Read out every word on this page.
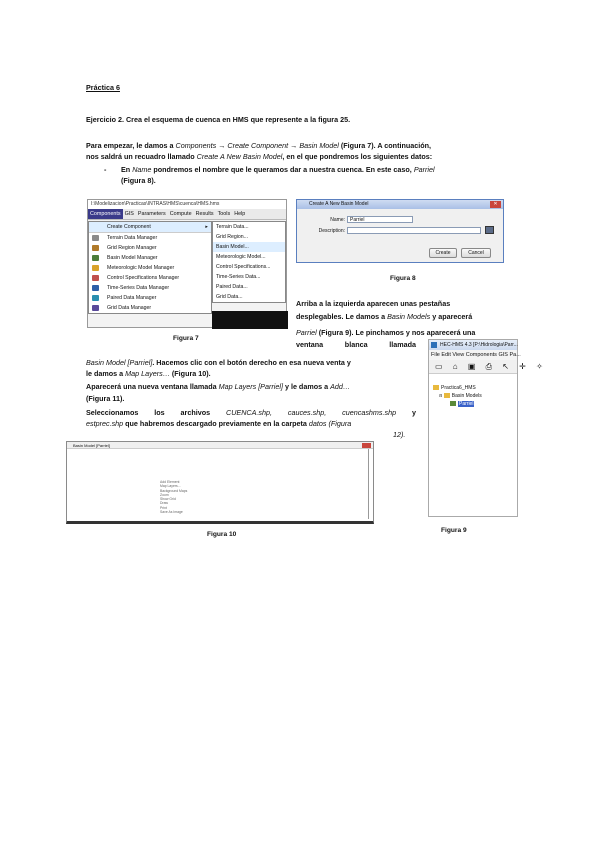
Práctica 6
Ejercicio 2. Crea el esquema de cuenca en HMS que represente a la figura 25.
Para empezar, le damos a Components → Create Component → Basin Model (Figura 7). A continuación,
nos saldrá un recuadro llamado Create A New Basin Model, en el que pondremos los siguientes datos:
- En Name pondremos el nombre que le queramos dar a nuestra cuenca. En este caso, Parriel
(Figura 8).
I:\Modelizacion\Practicas\INTRAS\HMS\cuenca\HMS.hms
Components GIS Parameters Compute Results Tools Help
Create Component	▸
Terrain Data Manager
Grid Region Manager
Basin Model Manager
Meteorologic Model Manager
Control Specifications Manager
Time-Series Data Manager
Paired Data Manager
Grid Data Manager
Terrain Data...
Grid Region...
Basin Model...
Meteorologic Model...
Control Specifications...
Time-Series Data...
Paired Data...
Grid Data...
Figura 7
Create A New Basin Model	✕
Name:	Parriel
Description:
Create	Cancel
Figura 8
Arriba a la izquierda aparecen unas pestañas
desplegables. Le damos a Basin Models y aparecerá
Parriel (Figura 9). Le pinchamos y nos aparecerá una
ventana blanca llamada	HEC-HMS 4.3 [P:\Hidrologia\Parr...
File Edit View Components GIS Pa...
▭ ⌂ ▣ ⎙ ↖ ✛ ✧
Practica6_HMS
⊟ Basin Models
Parriel
Figura 9
Basin Model [Parriel]. Hacemos clic con el botón derecho en esa nueva venta y
le damos a Map Layers… (Figura 10).
Aparecerá una nueva ventana llamada Map Layers [Parriel] y le damos a Add…
(Figura 11).
Seleccionamos los archivos CUENCA.shp, cauces.shp, cuencashms.shp y
estprec.shp que habremos descargado previamente en la carpeta datos (Figura
12).
Basin Model [Parriel]
Add Element
Map Layers...
Background Maps
Zoom
Show Grid
Draw
Print
Save As Image
Figura 10
